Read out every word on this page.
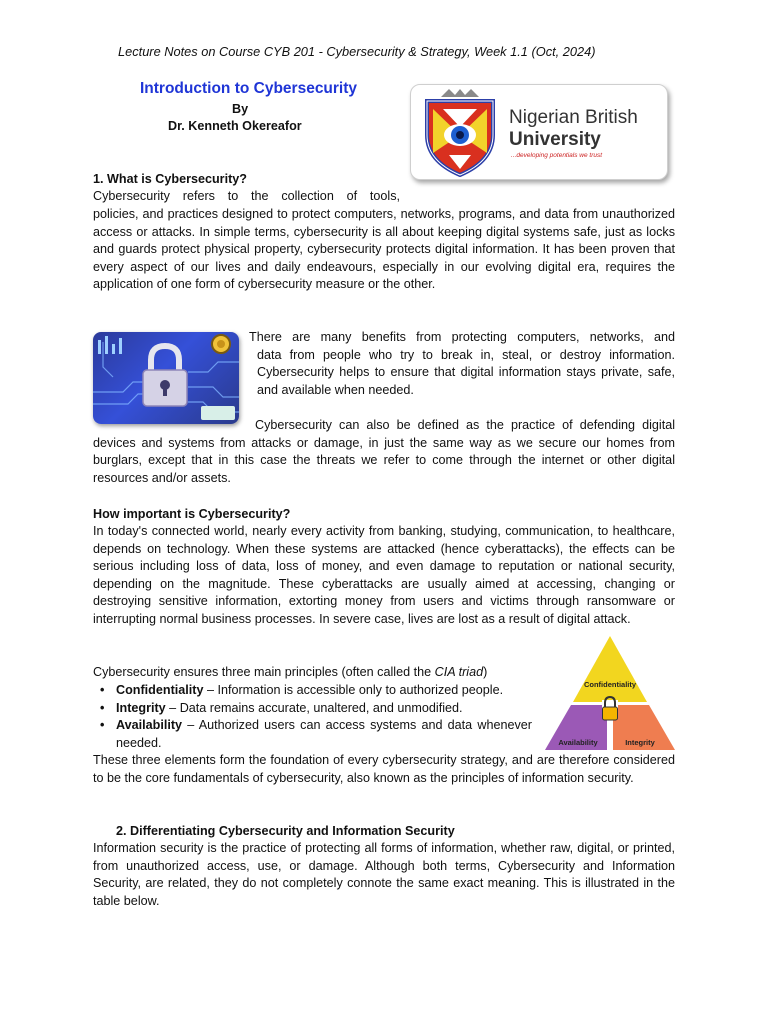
Lecture Notes on Course CYB 201 - Cybersecurity & Strategy, Week 1.1 (Oct, 2024)
Introduction to Cybersecurity
By
Dr. Kenneth Okereafor	Nigerian British
University
...developing potentials we trust
1. What is Cybersecurity?
Cybersecurity refers to the collection of tools,
policies, and practices designed to protect computers, networks, programs, and data from unauthorized access or attacks. In simple terms, cybersecurity is all about keeping digital systems safe, just as locks and guards protect physical property, cybersecurity protects digital information. It has been proven that every aspect of our lives and daily endeavours, especially in our evolving digital era, requires the application of one form of cybersecurity measure or the other.
There are many benefits from protecting computers, networks, and
data from people who try to break in, steal, or destroy information. Cybersecurity helps to ensure that digital information stays private, safe, and available when needed.
Cybersecurity can also be defined as the practice of defending digital devices and systems from attacks or damage, in just the same way as we secure our homes from burglars, except that in this case the threats we refer to come through the internet or other digital resources and/or assets.
How important is Cybersecurity?
In today's connected world, nearly every activity from banking, studying, communication, to healthcare, depends on technology. When these systems are attacked (hence cyberattacks), the effects can be serious including loss of data, loss of money, and even damage to reputation or national security, depending on the magnitude. These cyberattacks are usually aimed at accessing, changing or destroying sensitive information, extorting money from users and victims through ransomware or interrupting normal business processes. In severe case, lives are lost as a result of digital attack.
Cybersecurity ensures three main principles (often called the CIA triad)
• Confidentiality – Information is accessible only to authorized people.
• Integrity – Data remains accurate, unaltered, and unmodified.
• Availability – Authorized users can access systems and data whenever needed.
Confidentiality
Availability	Integrity
These three elements form the foundation of every cybersecurity strategy, and are therefore considered to be the core fundamentals of cybersecurity, also known as the principles of information security.
2. Differentiating Cybersecurity and Information Security
Information security is the practice of protecting all forms of information, whether raw, digital, or printed, from unauthorized access, use, or damage. Although both terms, Cybersecurity and Information Security, are related, they do not completely connote the same exact meaning. This is illustrated in the table below.
